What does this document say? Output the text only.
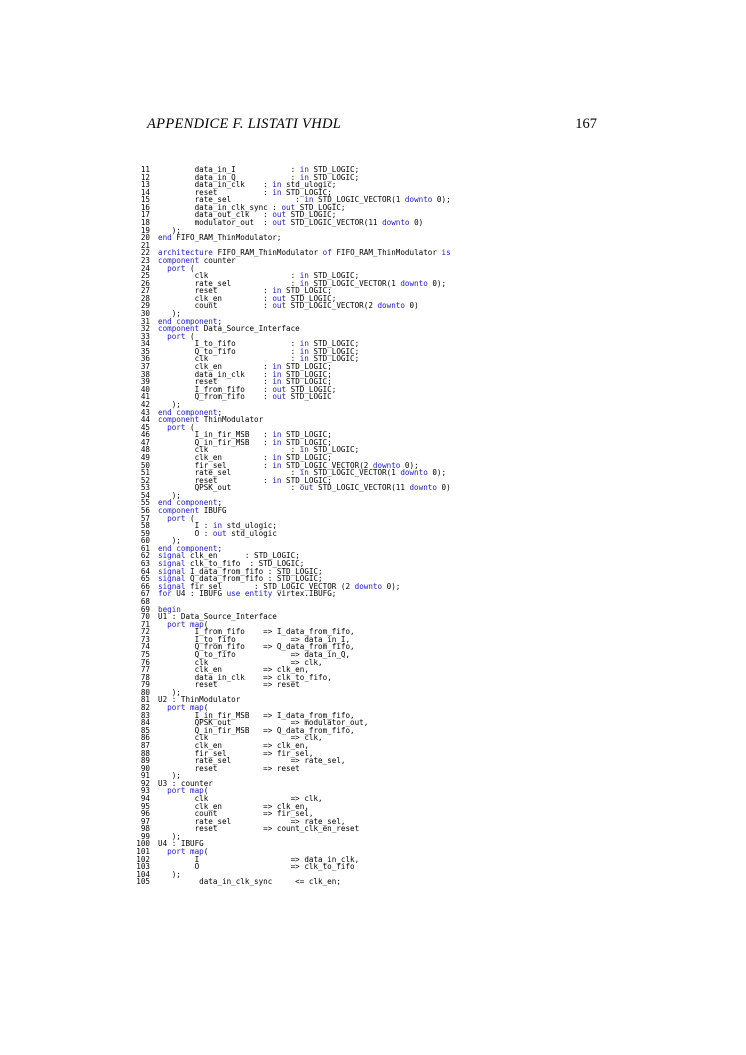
APPENDICE F. LISTATI VHDL	167
11	data_in_I            : in STD_LOGIC;
12	data_in_Q            : in STD_LOGIC;
13	data_in_clk    : in std_ulogic;
14	reset          : in STD_LOGIC;
15	rate_sel              : in STD_LOGIC_VECTOR(1 downto 0);
16	data_in_clk_sync : out STD_LOGIC;
17	data_out_clk   : out STD_LOGIC;
18	modulator_out  : out STD_LOGIC_VECTOR(11 downto 0)
19 );
20 end FIFO_RAM_ThinModulator;
21
22 architecture FIFO_RAM_ThinModulator of FIFO_RAM_ThinModulator is
23 component counter
24	port (
25	clk                  : in STD_LOGIC;
26	rate_sel             : in STD_LOGIC_VECTOR(1 downto 0);
27	reset          : in STD_LOGIC;
28	clk_en         : out STD_LOGIC;
29	count          : out STD_LOGIC_VECTOR(2 downto 0)
30 );
31 end component;
32 component Data_Source_Interface
33	port (
34	I_to_fifo            : in STD_LOGIC;
35	Q_to_fifo            : in STD_LOGIC;
36	clk                  : in STD_LOGIC;
37	clk_en         : in STD_LOGIC;
38	data_in_clk    : in STD_LOGIC;
39	reset          : in STD_LOGIC;
40	I_from_fifo    : out STD_LOGIC;
41	Q_from_fifo    : out STD_LOGIC
42 );
43 end component;
44 component ThinModulator
45	port (
46	I_in_fir_MSB   : in STD_LOGIC;
47	Q_in_fir_MSB   : in STD_LOGIC;
48	clk                  : in STD_LOGIC;
49	clk_en         : in STD_LOGIC;
50	fir_sel        : in STD_LOGIC_VECTOR(2 downto 0);
51	rate_sel             : in STD_LOGIC_VECTOR(1 downto 0);
52	reset          : in STD_LOGIC;
53	QPSK_out             : out STD_LOGIC_VECTOR(11 downto 0)
54 );
55 end component;
56 component IBUFG
57	port (
58	I : in std_ulogic;
59	O : out std_ulogic
60 );
61 end component;
62 signal clk_en      : STD_LOGIC;
63 signal clk_to_fifo  : STD_LOGIC;
64 signal I_data_from_fifo : STD_LOGIC;
65 signal Q_data_from_fifo : STD_LOGIC;
66 signal fir_sel       : STD_LOGIC_VECTOR (2 downto 0);
67 for U4 : IBUFG use entity virtex.IBUFG;
68
69 begin
70 U1 : Data_Source_Interface
71	port map(
72	I_from_fifo    => I_data_from_fifo,
73	I_to_fifo            => data_in_I,
74	Q_from_fifo    => Q_data_from_fifo,
75	Q_to_fifo            => data_in_Q,
76	clk                  => clk,
77	clk_en         => clk_en,
78	data_in_clk    => clk_to_fifo,
79	reset          => reset
80 );
81 U2 : ThinModulator
82	port map(
83	I_in_fir_MSB   => I_data_from_fifo,
84	QPSK_out             => modulator_out,
85	Q_in_fir_MSB   => Q_data_from_fifo,
86	clk                  => clk,
87	clk_en         => clk_en,
88	fir_sel        => fir_sel,
89	rate_sel             => rate_sel,
90	reset          => reset
91 );
92 U3 : counter
93	port map(
94	clk                  => clk,
95	clk_en         => clk_en,
96	count          => fir_sel,
97	rate_sel             => rate_sel,
98	reset          => count_clk_en_reset
99 );
100 U4 : IBUFG
101	port map(
102	I                    => data_in_clk,
103	O                    => clk_to_fifo
104 );
105	data_in_clk_sync     <= clk_en;
